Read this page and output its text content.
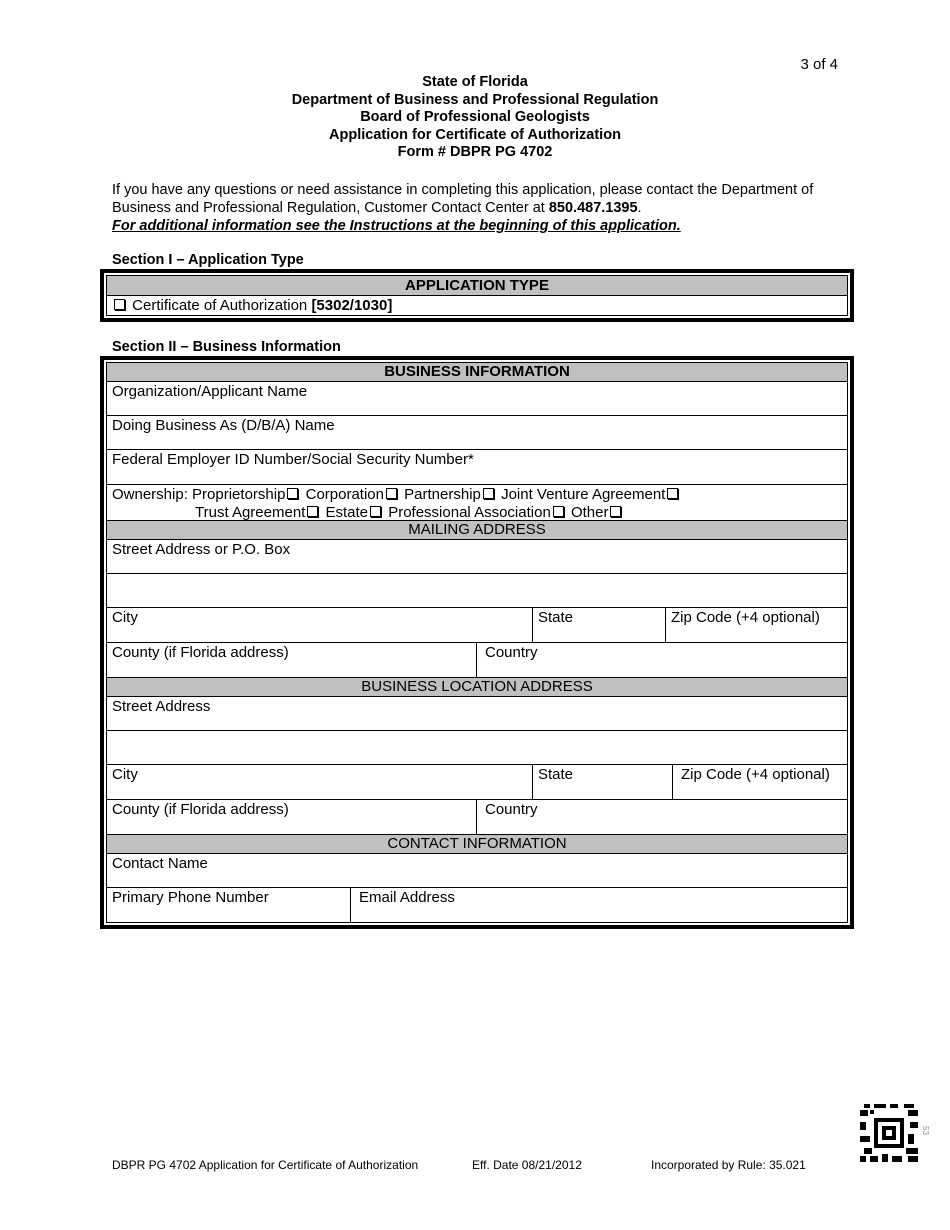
3 of 4
State of Florida
Department of Business and Professional Regulation
Board of Professional Geologists
Application for Certificate of Authorization
Form # DBPR PG 4702
If you have any questions or need assistance in completing this application, please contact the Department of Business and Professional Regulation, Customer Contact Center at 850.487.1395.
For additional information see the Instructions at the beginning of this application.
Section I – Application Type
APPLICATION TYPE
Certificate of Authorization [5302/1030]
Section II – Business Information
BUSINESS INFORMATION
Organization/Applicant Name
Doing Business As (D/B/A) Name
Federal Employer ID Number/Social Security Number*
Ownership: Proprietorship Corporation Partnership Joint Venture Agreement
Trust Agreement Estate Professional Association Other
MAILING ADDRESS
Street Address or P.O. Box
City	State	Zip Code (+4 optional)
County (if Florida address)	Country
BUSINESS LOCATION ADDRESS
Street Address
City	State	Zip Code (+4 optional)
County (if Florida address)	Country
CONTACT INFORMATION
Contact Name
Primary Phone Number	Email Address
DBPR PG 4702 Application for Certificate of Authorization	Eff. Date 08/21/2012	Incorporated by Rule: 35.021
53
